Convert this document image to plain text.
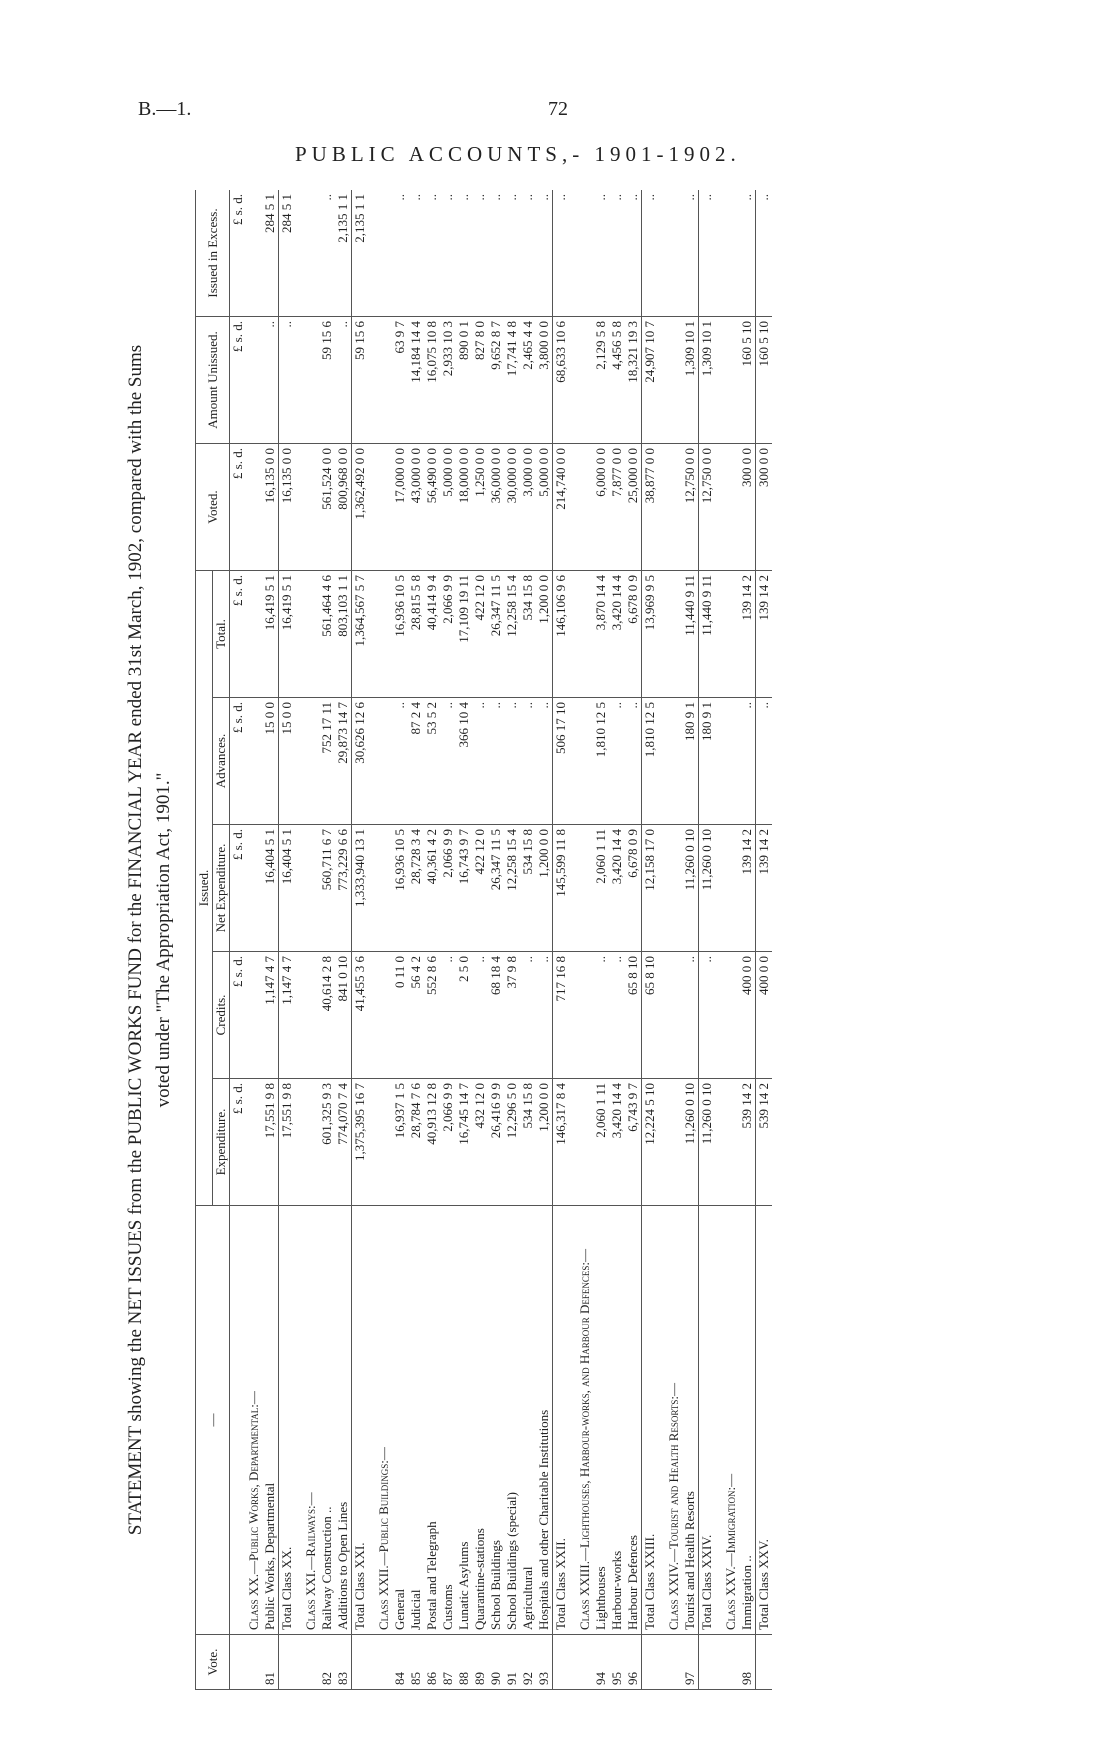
B.—1.	72
PUBLIC ACCOUNTS,- 1901-1902.
STATEMENT showing the NET ISSUES from the PUBLIC WORKS FUND for the FINANCIAL YEAR ended 31st March, 1902, compared with the Sums voted under "The Appropriation Act, 1901."
Vote.	—	Issued.					Voted.	Amount Unissued.	Issued in Excess.
		Expenditure.	Credits.	Net Expenditure.	Advances.	Total.			
		£ s. d.	£ s. d.	£ s. d.	£ s. d.	£ s. d.	£ s. d.	£ s. d.	£ s. d.
	Class XX.—Public Works, Departmental:—								
81	Public Works, Departmental	17,551 9 8	1,147 4 7	16,404 5 1	15 0 0	16,419 5 1	16,135 0 0	..	284 5 1
	Total Class XX.	17,551 9 8	1,147 4 7	16,404 5 1	15 0 0	16,419 5 1	16,135 0 0	..	284 5 1

	Class XXI.—Railways:—								
82	Railway Construction ..	601,325 9 3	40,614 2 8	560,711 6 7	752 17 11	561,464 4 6	561,524 0 0	59 15 6	..
83	Additions to Open Lines	774,070 7 4	841 0 10	773,229 6 6	29,873 14 7	803,103 1 1	800,968 0 0	..	2,135 1 1
	Total Class XXI.	1,375,395 16 7	41,455 3 6	1,333,940 13 1	30,626 12 6	1,364,567 5 7	1,362,492 0 0	59 15 6	2,135 1 1

	Class XXII.—Public Buildings:—								
84	General	16,937 1 5	0 11 0	16,936 10 5	..	16,936 10 5	17,000 0 0	63 9 7	..
85	Judicial	28,784 7 6	56 4 2	28,728 3 4	87 2 4	28,815 5 8	43,000 0 0	14,184 14 4	..
86	Postal and Telegraph	40,913 12 8	552 8 6	40,361 4 2	53 5 2	40,414 9 4	56,490 0 0	16,075 10 8	..
87	Customs	2,066 9 9	..	2,066 9 9	..	2,066 9 9	5,000 0 0	2,933 10 3	..
88	Lunatic Asylums	16,745 14 7	2 5 0	16,743 9 7	366 10 4	17,109 19 11	18,000 0 0	890 0 1	..
89	Quarantine-stations	432 12 0	..	422 12 0	..	422 12 0	1,250 0 0	827 8 0	..
90	School Buildings	26,416 9 9	68 18 4	26,347 11 5	..	26,347 11 5	36,000 0 0	9,652 8 7	..
91	School Buildings (special)	12,296 5 0	37 9 8	12,258 15 4	..	12,258 15 4	30,000 0 0	17,741 4 8	..
92	Agricultural	534 15 8	..	534 15 8	..	534 15 8	3,000 0 0	2,465 4 4	..
93	Hospitals and other Charitable Institutions	1,200 0 0	..	1,200 0 0	..	1,200 0 0	5,000 0 0	3,800 0 0	..
	Total Class XXII.	146,317 8 4	717 16 8	145,599 11 8	506 17 10	146,106 9 6	214,740 0 0	68,633 10 6	..

	Class XXIII.—Lighthouses, Harbour-works, and Harbour Defences:—								
94	Lighthouses	2,060 1 11	..	2,060 1 11	1,810 12 5	3,870 14 4	6,000 0 0	2,129 5 8	..
95	Harbour-works	3,420 14 4	..	3,420 14 4	..	3,420 14 4	7,877 0 0	4,456 5 8	..
96	Harbour Defences	6,743 9 7	65 8 10	6,678 0 9	..	6,678 0 9	25,000 0 0	18,321 19 3	..
	Total Class XXIII.	12,224 5 10	65 8 10	12,158 17 0	1,810 12 5	13,969 9 5	38,877 0 0	24,907 10 7	..

	Class XXIV.—Tourist and Health Resorts:—								
97	Tourist and Health Resorts	11,260 0 10	..	11,260 0 10	180 9 1	11,440 9 11	12,750 0 0	1,309 10 1	..
	Total Class XXIV.	11,260 0 10	..	11,260 0 10	180 9 1	11,440 9 11	12,750 0 0	1,309 10 1	..

	Class XXV.—Immigration:—								
98	Immigration ..	539 14 2	400 0 0	139 14 2	..	139 14 2	300 0 0	160 5 10	..
	Total Class XXV.	539 14 2	400 0 0	139 14 2	..	139 14 2	300 0 0	160 5 10	..
